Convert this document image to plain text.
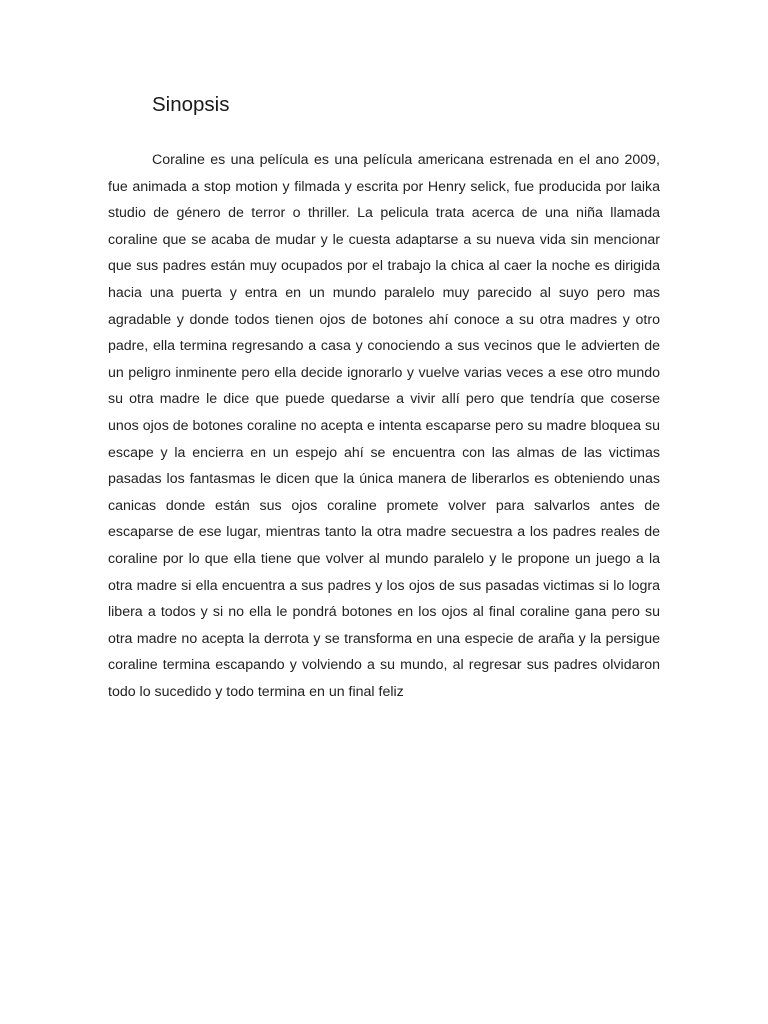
Sinopsis

Coraline es una película es una película americana estrenada en el ano 2009, fue animada a stop motion y filmada y escrita por Henry selick, fue producida por laika studio de género de terror o thriller. La pelicula trata acerca de una niña llamada coraline que se acaba de mudar y le cuesta adaptarse a su nueva vida sin mencionar que sus padres están muy ocupados por el trabajo la chica al caer la noche es dirigida hacia una puerta y entra en un mundo paralelo muy parecido al suyo pero mas agradable y donde todos tienen ojos de botones ahí conoce a su otra madres y otro padre, ella termina regresando a casa y conociendo a sus vecinos que le advierten de un peligro inminente pero ella decide ignorarlo y vuelve varias veces a ese otro mundo su otra madre le dice que puede quedarse a vivir allí pero que tendría que coserse unos ojos de botones coraline no acepta e intenta escaparse pero su madre bloquea su escape y la encierra en un espejo ahí se encuentra con las almas de las victimas pasadas los fantasmas le dicen que la única manera de liberarlos es obteniendo unas canicas donde están sus ojos coraline promete volver para salvarlos antes de escaparse de ese lugar, mientras tanto la otra madre secuestra a los padres reales de coraline por lo que ella tiene que volver al mundo paralelo y le propone un juego a la otra madre si ella encuentra a sus padres y los ojos de sus pasadas victimas si lo logra libera a todos y si no ella le pondrá botones en los ojos al final coraline gana pero su otra madre no acepta la derrota y se transforma en una especie de araña y la persigue coraline termina escapando y volviendo a su mundo, al regresar sus padres olvidaron todo lo sucedido y todo termina en un final feliz
